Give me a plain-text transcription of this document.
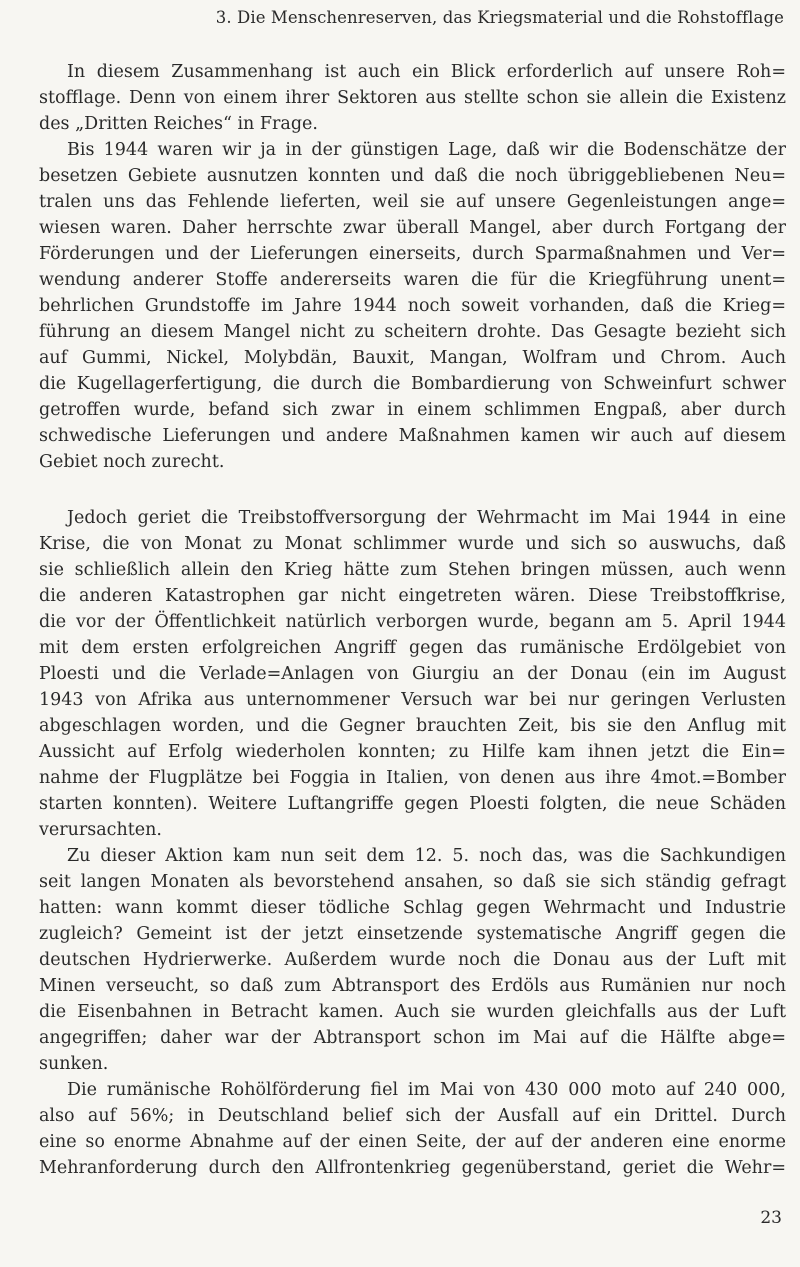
3. Die Menschenreserven, das Kriegsmaterial und die Rohstofflage
In diesem Zusammenhang ist auch ein Blick erforderlich auf unsere Roh=
stofflage. Denn von einem ihrer Sektoren aus stellte schon sie allein die Existenz
des „Dritten Reiches“ in Frage.
Bis 1944 waren wir ja in der günstigen Lage, daß wir die Bodenschätze der
besetzen Gebiete ausnutzen konnten und daß die noch übriggebliebenen Neu=
tralen uns das Fehlende lieferten, weil sie auf unsere Gegenleistungen ange=
wiesen waren. Daher herrschte zwar überall Mangel, aber durch Fortgang der
Förderungen und der Lieferungen einerseits, durch Sparmaßnahmen und Ver=
wendung anderer Stoffe andererseits waren die für die Kriegführung unent=
behrlichen Grundstoffe im Jahre 1944 noch soweit vorhanden, daß die Krieg=
führung an diesem Mangel nicht zu scheitern drohte. Das Gesagte bezieht sich
auf Gummi, Nickel, Molybdän, Bauxit, Mangan, Wolfram und Chrom. Auch
die Kugellagerfertigung, die durch die Bombardierung von Schweinfurt schwer
getroffen wurde, befand sich zwar in einem schlimmen Engpaß, aber durch
schwedische Lieferungen und andere Maßnahmen kamen wir auch auf diesem
Gebiet noch zurecht.
Jedoch geriet die Treibstoffversorgung der Wehrmacht im Mai 1944 in eine
Krise, die von Monat zu Monat schlimmer wurde und sich so auswuchs, daß
sie schließlich allein den Krieg hätte zum Stehen bringen müssen, auch wenn
die anderen Katastrophen gar nicht eingetreten wären. Diese Treibstoffkrise,
die vor der Öffentlichkeit natürlich verborgen wurde, begann am 5. April 1944
mit dem ersten erfolgreichen Angriff gegen das rumänische Erdölgebiet von
Ploesti und die Verlade=Anlagen von Giurgiu an der Donau (ein im August
1943 von Afrika aus unternommener Versuch war bei nur geringen Verlusten
abgeschlagen worden, und die Gegner brauchten Zeit, bis sie den Anflug mit
Aussicht auf Erfolg wiederholen konnten; zu Hilfe kam ihnen jetzt die Ein=
nahme der Flugplätze bei Foggia in Italien, von denen aus ihre 4mot.=Bomber
starten konnten). Weitere Luftangriffe gegen Ploesti folgten, die neue Schäden
verursachten.
Zu dieser Aktion kam nun seit dem 12. 5. noch das, was die Sachkundigen
seit langen Monaten als bevorstehend ansahen, so daß sie sich ständig gefragt
hatten: wann kommt dieser tödliche Schlag gegen Wehrmacht und Industrie
zugleich? Gemeint ist der jetzt einsetzende systematische Angriff gegen die
deutschen Hydrierwerke. Außerdem wurde noch die Donau aus der Luft mit
Minen verseucht, so daß zum Abtransport des Erdöls aus Rumänien nur noch
die Eisenbahnen in Betracht kamen. Auch sie wurden gleichfalls aus der Luft
angegriffen; daher war der Abtransport schon im Mai auf die Hälfte abge=
sunken.
Die rumänische Rohölförderung fiel im Mai von 430 000 moto auf 240 000,
also auf 56%; in Deutschland belief sich der Ausfall auf ein Drittel. Durch
eine so enorme Abnahme auf der einen Seite, der auf der anderen eine enorme
Mehranforderung durch den Allfrontenkrieg gegenüberstand, geriet die Wehr=
23
